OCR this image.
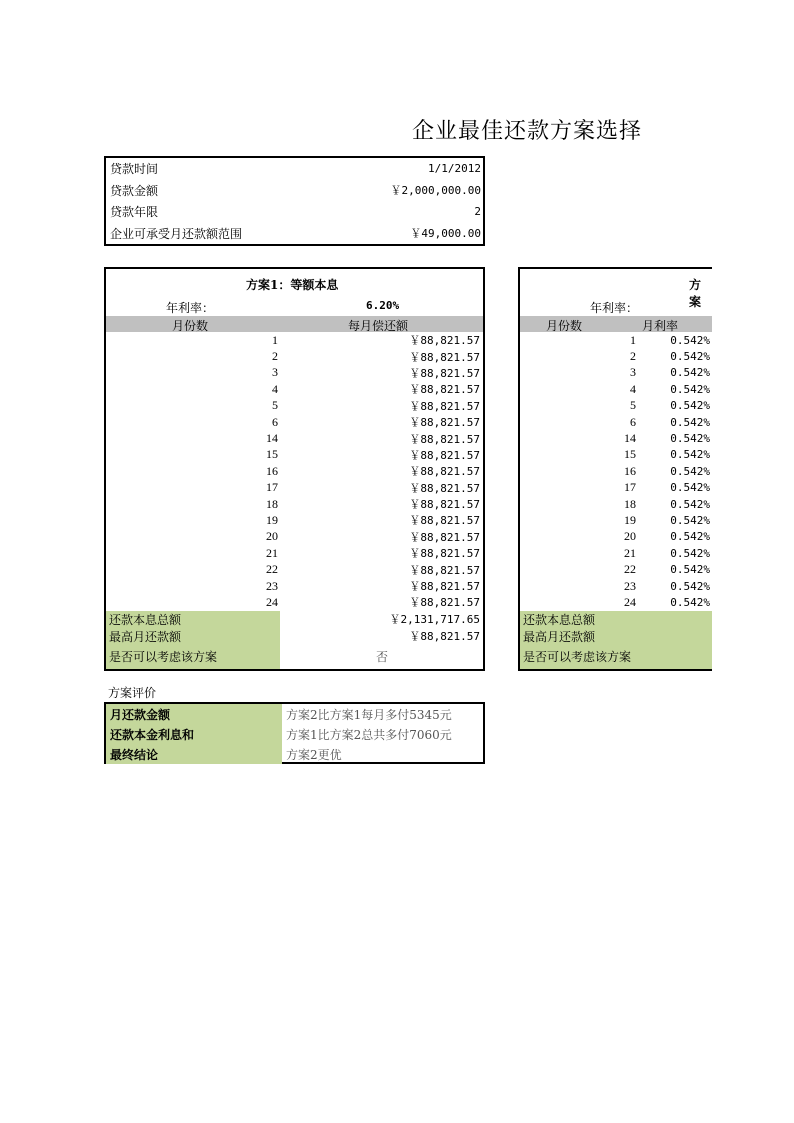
企业最佳还款方案选择
贷款时间	1/1/2012
贷款金额	￥2,000,000.00
贷款年限	2
企业可承受月还款额范围	￥49,000.00
方案1：等额本息
年利率：	6.20%
月份数	每月偿还额
1	￥88,821.57
2	￥88,821.57
3	￥88,821.57
4	￥88,821.57
5	￥88,821.57
6	￥88,821.57
14	￥88,821.57
15	￥88,821.57
16	￥88,821.57
17	￥88,821.57
18	￥88,821.57
19	￥88,821.57
20	￥88,821.57
21	￥88,821.57
22	￥88,821.57
23	￥88,821.57
24	￥88,821.57
还款本息总额	￥2,131,717.65
最高月还款额	￥88,821.57
是否可以考虑该方案	否
方案
年利率：
月份数	月利率
1	0.542%
2	0.542%
3	0.542%
4	0.542%
5	0.542%
6	0.542%
14	0.542%
15	0.542%
16	0.542%
17	0.542%
18	0.542%
19	0.542%
20	0.542%
21	0.542%
22	0.542%
23	0.542%
24	0.542%
还款本息总额
最高月还款额
是否可以考虑该方案
方案评价
月还款金额	方案2比方案1每月多付5345元
还款本金利息和	方案1比方案2总共多付7060元
最终结论	方案2更优
